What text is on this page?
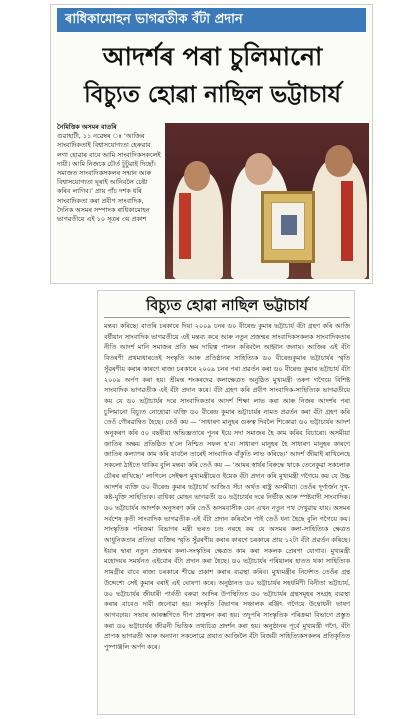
ৰাধিকামোহন ভাগৱতীক বঁটা প্ৰদান
আদৰ্শৰ পৰা চুলিমানো
বিচ্যুত হোৱা নাছিল ভট্টাচাৰ্য
নৈমিত্তিক অসমৰ বাতৰি
গুৱাহাটী, ১১ নৱেম্বৰ ঃ ‘আজিৰ সাংবাদিকতাই বিশ্বাসযোগ্যতা হেৰুৱাব লগা হোৱাৰ বাবে আমি সাংবাদিকসকলেই দায়ী। আমি নিজকে চৌৰ্ত টুটুৱাই দিছোঁ। সমাজত সাংবাদিকসকলৰ সন্মান আৰু বিশ্বাসযোগ্যতা ঘূৰাই আনিবলৈ চেষ্টা কৰিব লাগিব।’ প্ৰায় পাঁচ দশক ধৰি সাংবাদিকতা কৰা প্ৰবীণ সাংবাদিক, দৈনিক অসমৰ সম্পাদক ৰাধিকামোহন ভাগৱতীয়ে এই ১০ সূত্ৰৰ ৩য় প্ৰকাশ
বিচ্যুত হোৱা নাছিল ভট্টাচাৰ্য
মন্তব্য কৰিছে। বাতৰি চৰকাৰে দিয়া ২০০৯ চনৰ ড০ বীৰেন্দ্ৰ কুমাৰ ভট্টাচাৰ্য বঁটা গ্ৰহণ কৰি আজি বৰ্ষীয়ান সাংবাদিক ভাগৱতীয়ে এই মন্তব্য কৰে আৰু নতুন প্ৰজন্মৰ সাংবাদিকসকলক সাংবাদিকতাৰ নীতি আদৰ্শ মানি সমাজৰ প্ৰতি ক্ষম দায়িত্ব পালন কৰিবলৈ আহ্বান জনায়। আজিৰ এই বঁটা বিতৰণী প্ৰথমাধাৰতেই সংস্কৃতি আৰু প্ৰতিষ্ঠানৰ সাহিত্যিক ড০ বীৰেন্দ্ৰকুমাৰ ভট্টাচাৰ্যৰ স্মৃতি সুঁৱৰণীয় কৰাৰ কাৰণে ৰাজ্য চৰকাৰে ২০০৯ চনৰ পৰা প্ৰৱৰ্তন কৰা ড০ বীৰেন্দ্ৰ কুমাৰ ভট্টাচাৰ্য বঁটা ২০০৯ অৰ্পণ কৰা হয়। শ্ৰীমন্ত শংকৰদেৱ কলাক্ষেত্ৰত অনুষ্ঠিত মুখ্যমন্ত্ৰী তৰুণ গগৈয়ে বিশিষ্ট সাংবাদিক ভাগৱতীক এই বঁটা প্ৰদান কৰে। বঁটা গ্ৰহণ কৰি প্ৰবীণ সাংবাদিক-সাহিত্যিক ভাগৱতীয়ে কয় যে ড০ ভট্টাচাৰ্যৰ দৰে সাংবাদিকতাৰ আদৰ্শ শিক্ষা লাভ কৰা আৰু নিজৰ আদৰ্শৰ পৰা চুলিমানো বিচ্যুত নোহোৱা ব্যক্তি ড০ বীৰেন্দ্ৰ কুমাৰ ভট্টাচাৰ্যৰ নামত প্ৰৱৰ্তন কৰা বঁটা গ্ৰহণ কৰি তেওঁ গৌৰৱান্বিত হৈছে। তেওঁ কয় — ‘সাধাৰণ মানুহৰ গুৰুত্ব দিবলৈ শিকোৱা ড০ ভট্টাচাৰ্যৰ আদৰ্শ অনুকৰণ কৰি ৫০ বছৰীয়া অভিজ্ঞতাৰে পুনৰ ইয়ে সদা সমাজৰ হৈ কাম কৰিব বিচাৰো। অসমীয়া জাতিৰ অক্ষয় প্ৰতিষ্ঠিত হ’লে নিশ্চিত সফল হ’ব। সাধাৰণ মানুহৰ হৈ সাধাৰণ মানুহৰ কাৰণে জাতিৰ কল্যাণৰ কাম কৰি যাবলৈ তাৰেই সাংবাদিক বাঁকুতি লাভ কৰিছে।’ আদৰ্শ জীয়াই ৰাখিলেহে সকলো ঠাইতে থাকিব বুলি মন্তব্য কৰি তেওঁ কয় — ‘আমৰ স্বাৰ্থৰ বিৰুদ্ধে থাকে তেনেকুৱা সকলোক চৌৰৰ ৰাখিছে।’ লাগিলে সেইক্ষণ মুখ্যমন্ত্ৰীয়েও ইয়েক বঁটা প্ৰদান কৰি মুখ্যমন্ত্ৰী গগৈয়ে কয় যে উচ্চ আদৰ্শৰ ব্যক্তি ড০ বীৰেন্দ্ৰ কুমাৰ ভট্টাচাৰ্য আজিও সঁচা অৰ্থত ৰাষ্ট্ৰ অসমীয়া। তেওঁৰ দূৰ্গাৰ্জন দুখ-কষ্ট-যুক্তি সাহিত্যিক। বাধিকা মোহন ভাগৱতী ড০ ভট্টাচাৰ্যৰ দৰে নিৰ্ভীক আৰু স্পষ্টবাদী সাংবাদিক। ড০ ভট্টাচাৰ্যৰ আদৰ্শক অনুসৰণ কৰি তেওঁ অসমবাসীক যেন এখন নতুন পথ দেখুৱায় যায়। অসমৰ সৰ্বশেষ কৃতী সাংবাদিক ভাগৱতীক এই বঁটা প্ৰদান কৰিবলৈ পাই তেওঁ ধন্য হৈছে বুলি গগৈয়ে কয়। সাংস্কৃতিক পৰিক্ৰমা বিভাগৰ মন্ত্ৰী ভৰত চন্দ্ৰ নৰহে কয় যে অসমৰ কলা-সাহিত্যিক ক্ষেত্ৰত আধুনিকতাৰ প্ৰতিভা ব্যক্তিৰ স্মৃতি সুঁৱৰণীয় কৰাৰ কাৰণে চৰকাৰে প্ৰায় ১২টা বঁটা প্ৰৱৰ্তন কৰিছে। ইয়াৰ দ্বাৰা নতুন প্ৰজন্মৰ কলা-সংস্কৃতিৰ ক্ষেত্ৰত কাম কৰা সকলক প্ৰেৰণা যোগাব। মুখ্যমন্ত্ৰী মহোদয়ৰ সমৰ্থনত এইবোৰ বঁটা প্ৰদান কৰা হৈছে। ড০ ভট্টাচাৰ্যৰ পৰিয়ালৰ হাতত থকা সাহিত্যিক সামগ্ৰীৰ বাবে ৰাজ্য চৰকাৰে শীঘ্ৰে প্ৰকাশ কৰাৰ ব্যৱস্থা কৰিব। মুখ্যমন্ত্ৰীৰ নিৰ্দেশত তেওঁৰ গ্ৰন্থ উদ্দেশ্যে সেই কুমাৰ বৰাই এই ঘোষণা কৰে। অনুষ্ঠানত ড০ ভট্টাচাৰ্যৰ সহধৰ্মিণী বিনীতা ভট্টাচাৰ্য, ড০ ভট্টাচাৰ্যৰ জীয়াৰী পাৰ্বতী বৰুৱা আদিৰ উপস্থিতিত ড০ ভট্টাচাৰ্যৰ গ্ৰন্থসমূহৰ সংগ্ৰহ ব্যৱস্থা কৰাৰ বাবেও দাবী জনোৱা হয়। সংস্কৃতি বিভাগৰ সঞ্চালক ৰঞ্জিৎ গগৈয়ে উদ্বোধনী ভাষণ আগবঢ়ায়। সভাৰ আৰম্ভণিতে দীপ প্ৰজ্বলন কৰা হয়। তদুপৰি সাংস্কৃতিক পৰিক্ৰমা বিভাগে প্ৰস্তুত কৰা ড০ ভট্টাচাৰ্যৰ জীৱনী ভিত্তিক তথ্যচিত্ৰ প্ৰদৰ্শন কৰা হয়। অনুষ্ঠানৰ পূৰ্বে মুখ্যমন্ত্ৰী গগৈ, বঁটা প্ৰাপক ভাগৱতী আৰু অন্যান্য সকলোৱে প্ৰয়াত আজিলৈ বঁটা বিজয়ী সাহিত্যিকসকলৰ প্ৰতিকৃতিত পুষ্পাঞ্জলি অৰ্পণ কৰে।
